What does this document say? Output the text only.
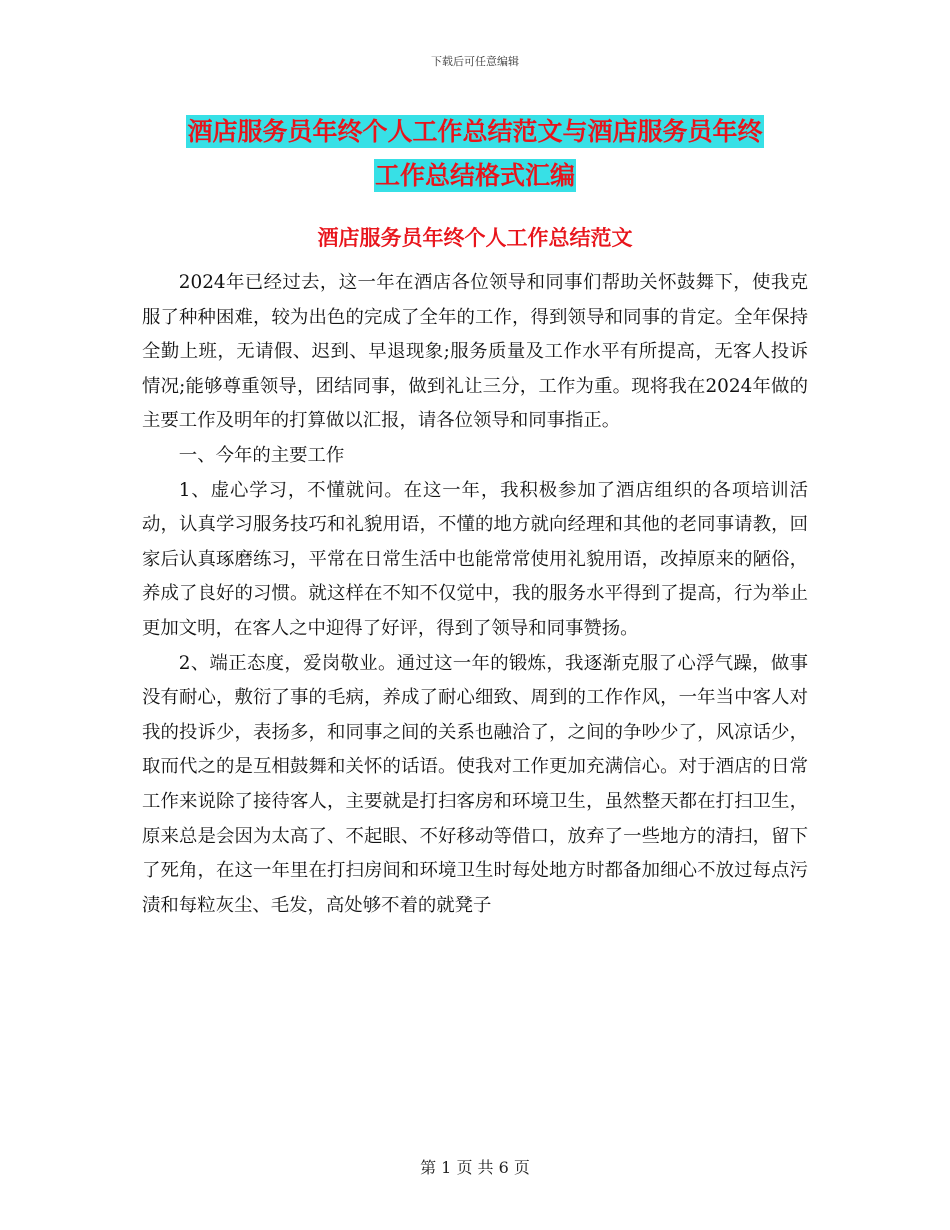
下载后可任意编辑
酒店服务员年终个人工作总结范文与酒店服务员年终
工作总结格式汇编
酒店服务员年终个人工作总结范文

2024年已经过去，这一年在酒店各位领导和同事们帮助关怀鼓舞下，使我克服了种种困难，较为出色的完成了全年的工作，得到领导和同事的肯定。全年保持全勤上班，无请假、迟到、早退现象;服务质量及工作水平有所提高，无客人投诉情况;能够尊重领导，团结同事，做到礼让三分，工作为重。现将我在2024年做的主要工作及明年的打算做以汇报，请各位领导和同事指正。

一、今年的主要工作

1、虚心学习，不懂就问。在这一年，我积极参加了酒店组织的各项培训活动，认真学习服务技巧和礼貌用语，不懂的地方就向经理和其他的老同事请教，回家后认真琢磨练习，平常在日常生活中也能常常使用礼貌用语，改掉原来的陋俗，养成了良好的习惯。就这样在不知不仅觉中，我的服务水平得到了提高，行为举止更加文明，在客人之中迎得了好评，得到了领导和同事赞扬。

2、端正态度，爱岗敬业。通过这一年的锻炼，我逐渐克服了心浮气躁，做事没有耐心，敷衍了事的毛病，养成了耐心细致、周到的工作作风，一年当中客人对我的投诉少，表扬多，和同事之间的关系也融洽了，之间的争吵少了，风凉话少，取而代之的是互相鼓舞和关怀的话语。使我对工作更加充满信心。对于酒店的日常工作来说除了接待客人，主要就是打扫客房和环境卫生，虽然整天都在打扫卫生，原来总是会因为太高了、不起眼、不好移动等借口，放弃了一些地方的清扫，留下了死角，在这一年里在打扫房间和环境卫生时每处地方时都备加细心不放过每点污渍和每粒灰尘、毛发，高处够不着的就凳子

第 1 页 共 6 页
